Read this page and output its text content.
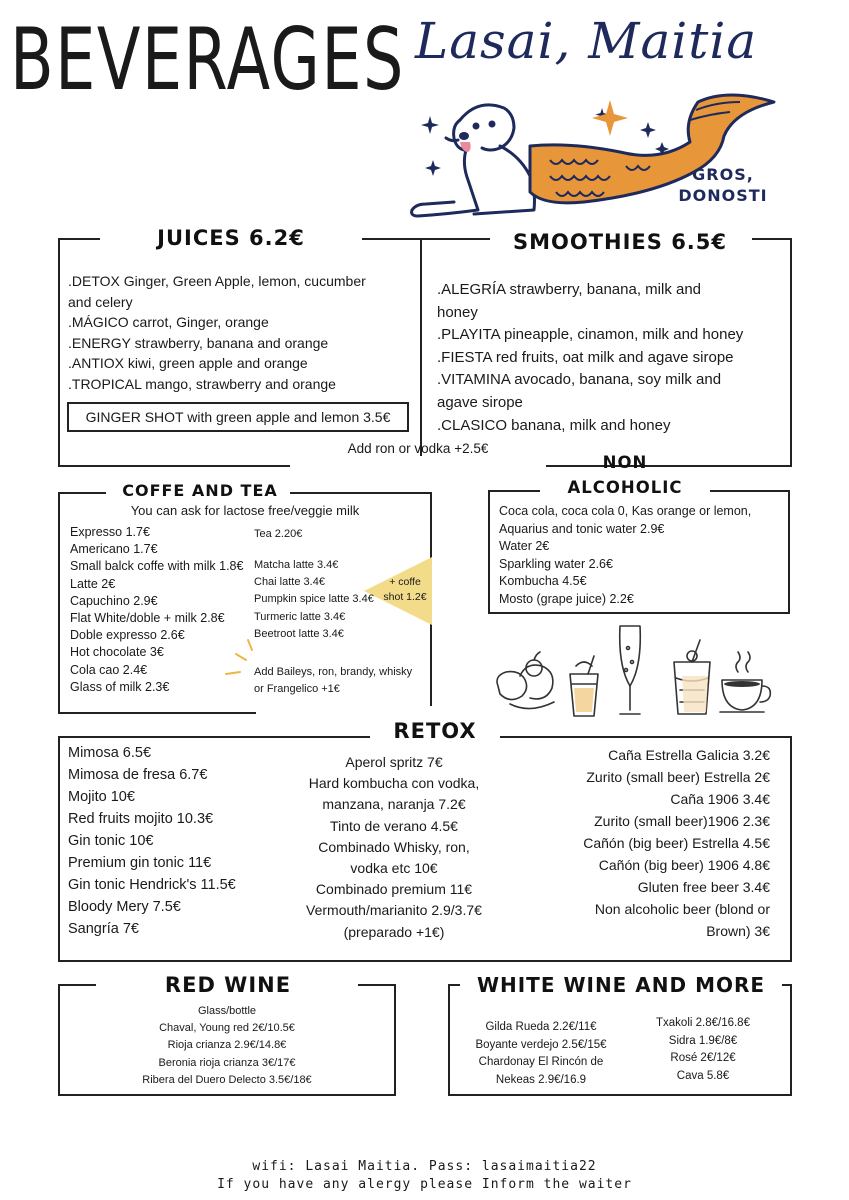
BEVERAGES Lasai, Maitia
GROS,
DONOSTI
JUICES 6.2€
.DETOX Ginger, Green Apple, lemon, cucumber
and celery
.MÁGICO carrot, Ginger, orange
.ENERGY strawberry, banana and orange
.ANTIOX kiwi, green apple and orange
.TROPICAL mango, strawberry and orange
GINGER SHOT with green apple and lemon 3.5€
SMOOTHIES 6.5€
.ALEGRÍA strawberry, banana, milk and
honey
.PLAYITA pineapple, cinamon, milk and honey
.FIESTA red fruits, oat milk and agave sirope
.VITAMINA avocado, banana, soy milk and
agave sirope
.CLASICO banana, milk and honey
Add ron or vodka +2.5€
COFFE AND TEA
You can ask for lactose free/veggie milk
Expresso 1.7€
Americano 1.7€
Small balck coffe with milk 1.8€
Latte 2€
Capuchino 2.9€
Flat White/doble + milk 2.8€
Doble expresso 2.6€
Hot chocolate 3€
Cola cao 2.4€
Glass of milk 2.3€
Tea 2.20€
Matcha latte 3.4€
Chai latte 3.4€
Pumpkin spice latte 3.4€
Turmeric latte 3.4€
Beetroot latte 3.4€
+ coffe
shot 1.2€
Add Baileys, ron, brandy, whisky
or Frangelico +1€
NON
ALCOHOLIC
Coca cola, coca cola 0, Kas orange or lemon,
Aquarius and tonic water 2.9€
Water 2€
Sparkling water 2.6€
Kombucha 4.5€
Mosto (grape juice) 2.2€
RETOX
Mimosa 6.5€
Mimosa de fresa 6.7€
Mojito 10€
Red fruits mojito 10.3€
Gin tonic 10€
Premium gin tonic 11€
Gin tonic Hendrick's 11.5€
Bloody Mery 7.5€
Sangría 7€
Aperol spritz 7€
Hard kombucha con vodka,
manzana, naranja 7.2€
Tinto de verano 4.5€
Combinado Whisky, ron,
vodka etc 10€
Combinado premium 11€
Vermouth/marianito 2.9/3.7€
(preparado +1€)
Caña Estrella Galicia 3.2€
Zurito (small beer) Estrella 2€
Caña 1906 3.4€
Zurito (small beer)1906 2.3€
Cañón (big beer) Estrella 4.5€
Cañón (big beer) 1906 4.8€
Gluten free beer 3.4€
Non alcoholic beer (blond or
Brown) 3€
RED WINE
Glass/bottle
Chaval, Young red 2€/10.5€
Rioja crianza 2.9€/14.8€
Beronia rioja crianza 3€/17€
Ribera del Duero Delecto 3.5€/18€
WHITE WINE AND MORE
Gilda Rueda 2.2€/11€
Boyante verdejo 2.5€/15€
Chardonay El Rincón de
Nekeas 2.9€/16.9
Txakoli 2.8€/16.8€
Sidra 1.9€/8€
Rosé 2€/12€
Cava 5.8€
wifi: Lasai Maitia. Pass: lasaimaitia22
If you have any alergy please Inform the waiter
